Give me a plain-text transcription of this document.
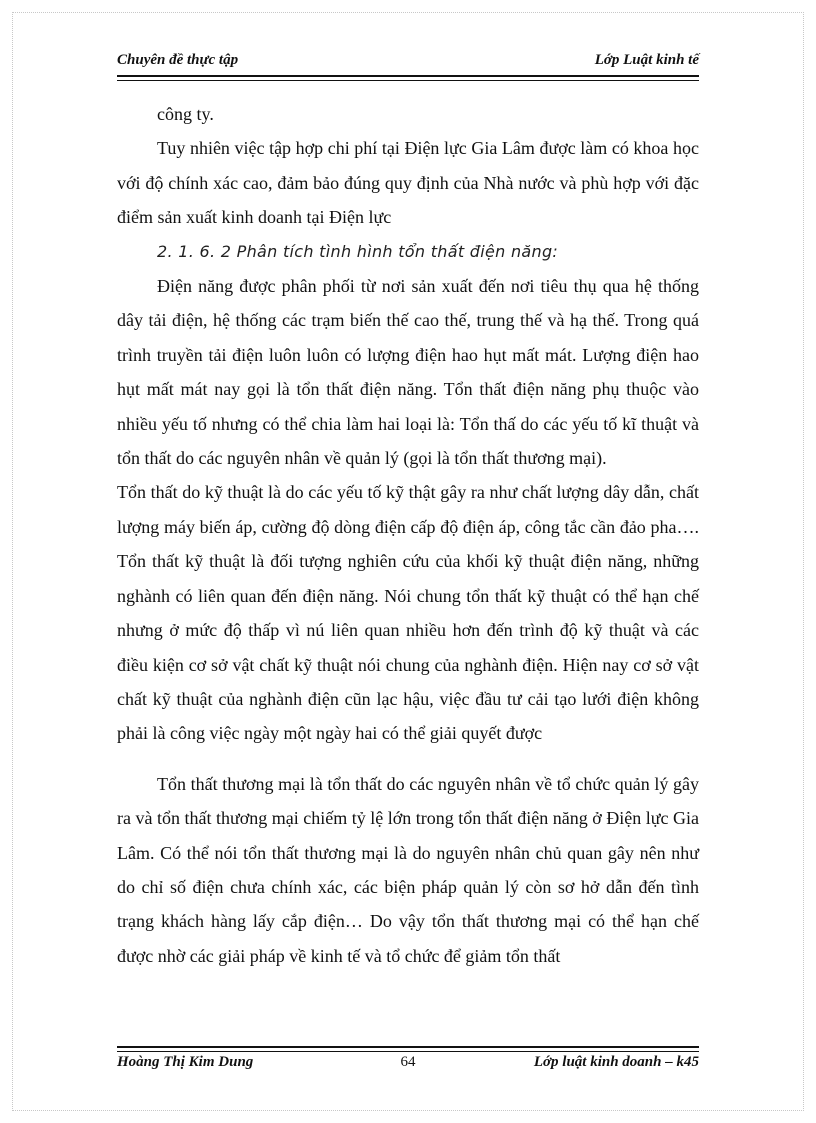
Chuyên đề thực tập	Lớp Luật kinh tế

công ty.

Tuy nhiên việc tập hợp chi phí tại Điện lực Gia Lâm được làm có khoa học với độ chính xác cao, đảm bảo đúng quy định của Nhà nước và phù hợp với đặc điểm sản xuất kinh doanh tại Điện lực

2. 1. 6. 2 Phân tích tình hình tổn thất điện năng:

Điện năng được phân phối từ nơi sản xuất đến nơi tiêu thụ qua hệ thống dây tải điện, hệ thống các trạm biến thế cao thế, trung thế và hạ thế. Trong quá trình truyền tải điện luôn luôn có lượng điện hao hụt mất mát. Lượng điện hao hụt mất mát nay gọi là tổn thất điện năng. Tổn thất điện năng phụ thuộc vào nhiều yếu tố nhưng có thể chia làm hai loại là: Tổn thấ do các yếu tố kĩ thuật và tổn thất do các nguyên nhân về quản lý (gọi là tổn thất thương mại).

Tổn thất do kỹ thuật là do các yếu tố kỹ thật gây ra như chất lượng dây dẫn, chất lượng máy biến áp, cường độ dòng điện cấp độ điện áp, công tắc cần đảo pha…. Tổn thất kỹ thuật là đối tượng nghiên cứu của khối kỹ thuật điện năng, những nghành có liên quan đến điện năng. Nói chung tổn thất kỹ thuật có thể hạn chế nhưng ở mức độ thấp vì nú liên quan nhiều hơn đến trình độ kỹ thuật và các điều kiện cơ sở vật chất kỹ thuật nói chung của nghành điện. Hiện nay cơ sở vật chất kỹ thuật của nghành điện cũn lạc hậu, việc đầu tư cải tạo lưới điện không phải là công việc ngày một ngày hai có thể giải quyết được

Tổn thất thương mại là tổn thất do các nguyên nhân về tổ chức quản lý gây ra và tổn thất thương mại chiếm tỷ lệ lớn trong tổn thất điện năng ở Điện lực Gia Lâm. Có thể nói tổn thất thương mại là do nguyên nhân chủ quan gây nên như do chỉ số điện chưa chính xác, các biện pháp quản lý còn sơ hở dẫn đến tình trạng khách hàng lấy cắp điện… Do vậy tổn thất thương mại có thể hạn chế được nhờ các giải pháp về kinh tế và tổ chức để giảm tổn thất

Hoàng Thị Kim Dung	64	Lớp luật kinh doanh – k45
